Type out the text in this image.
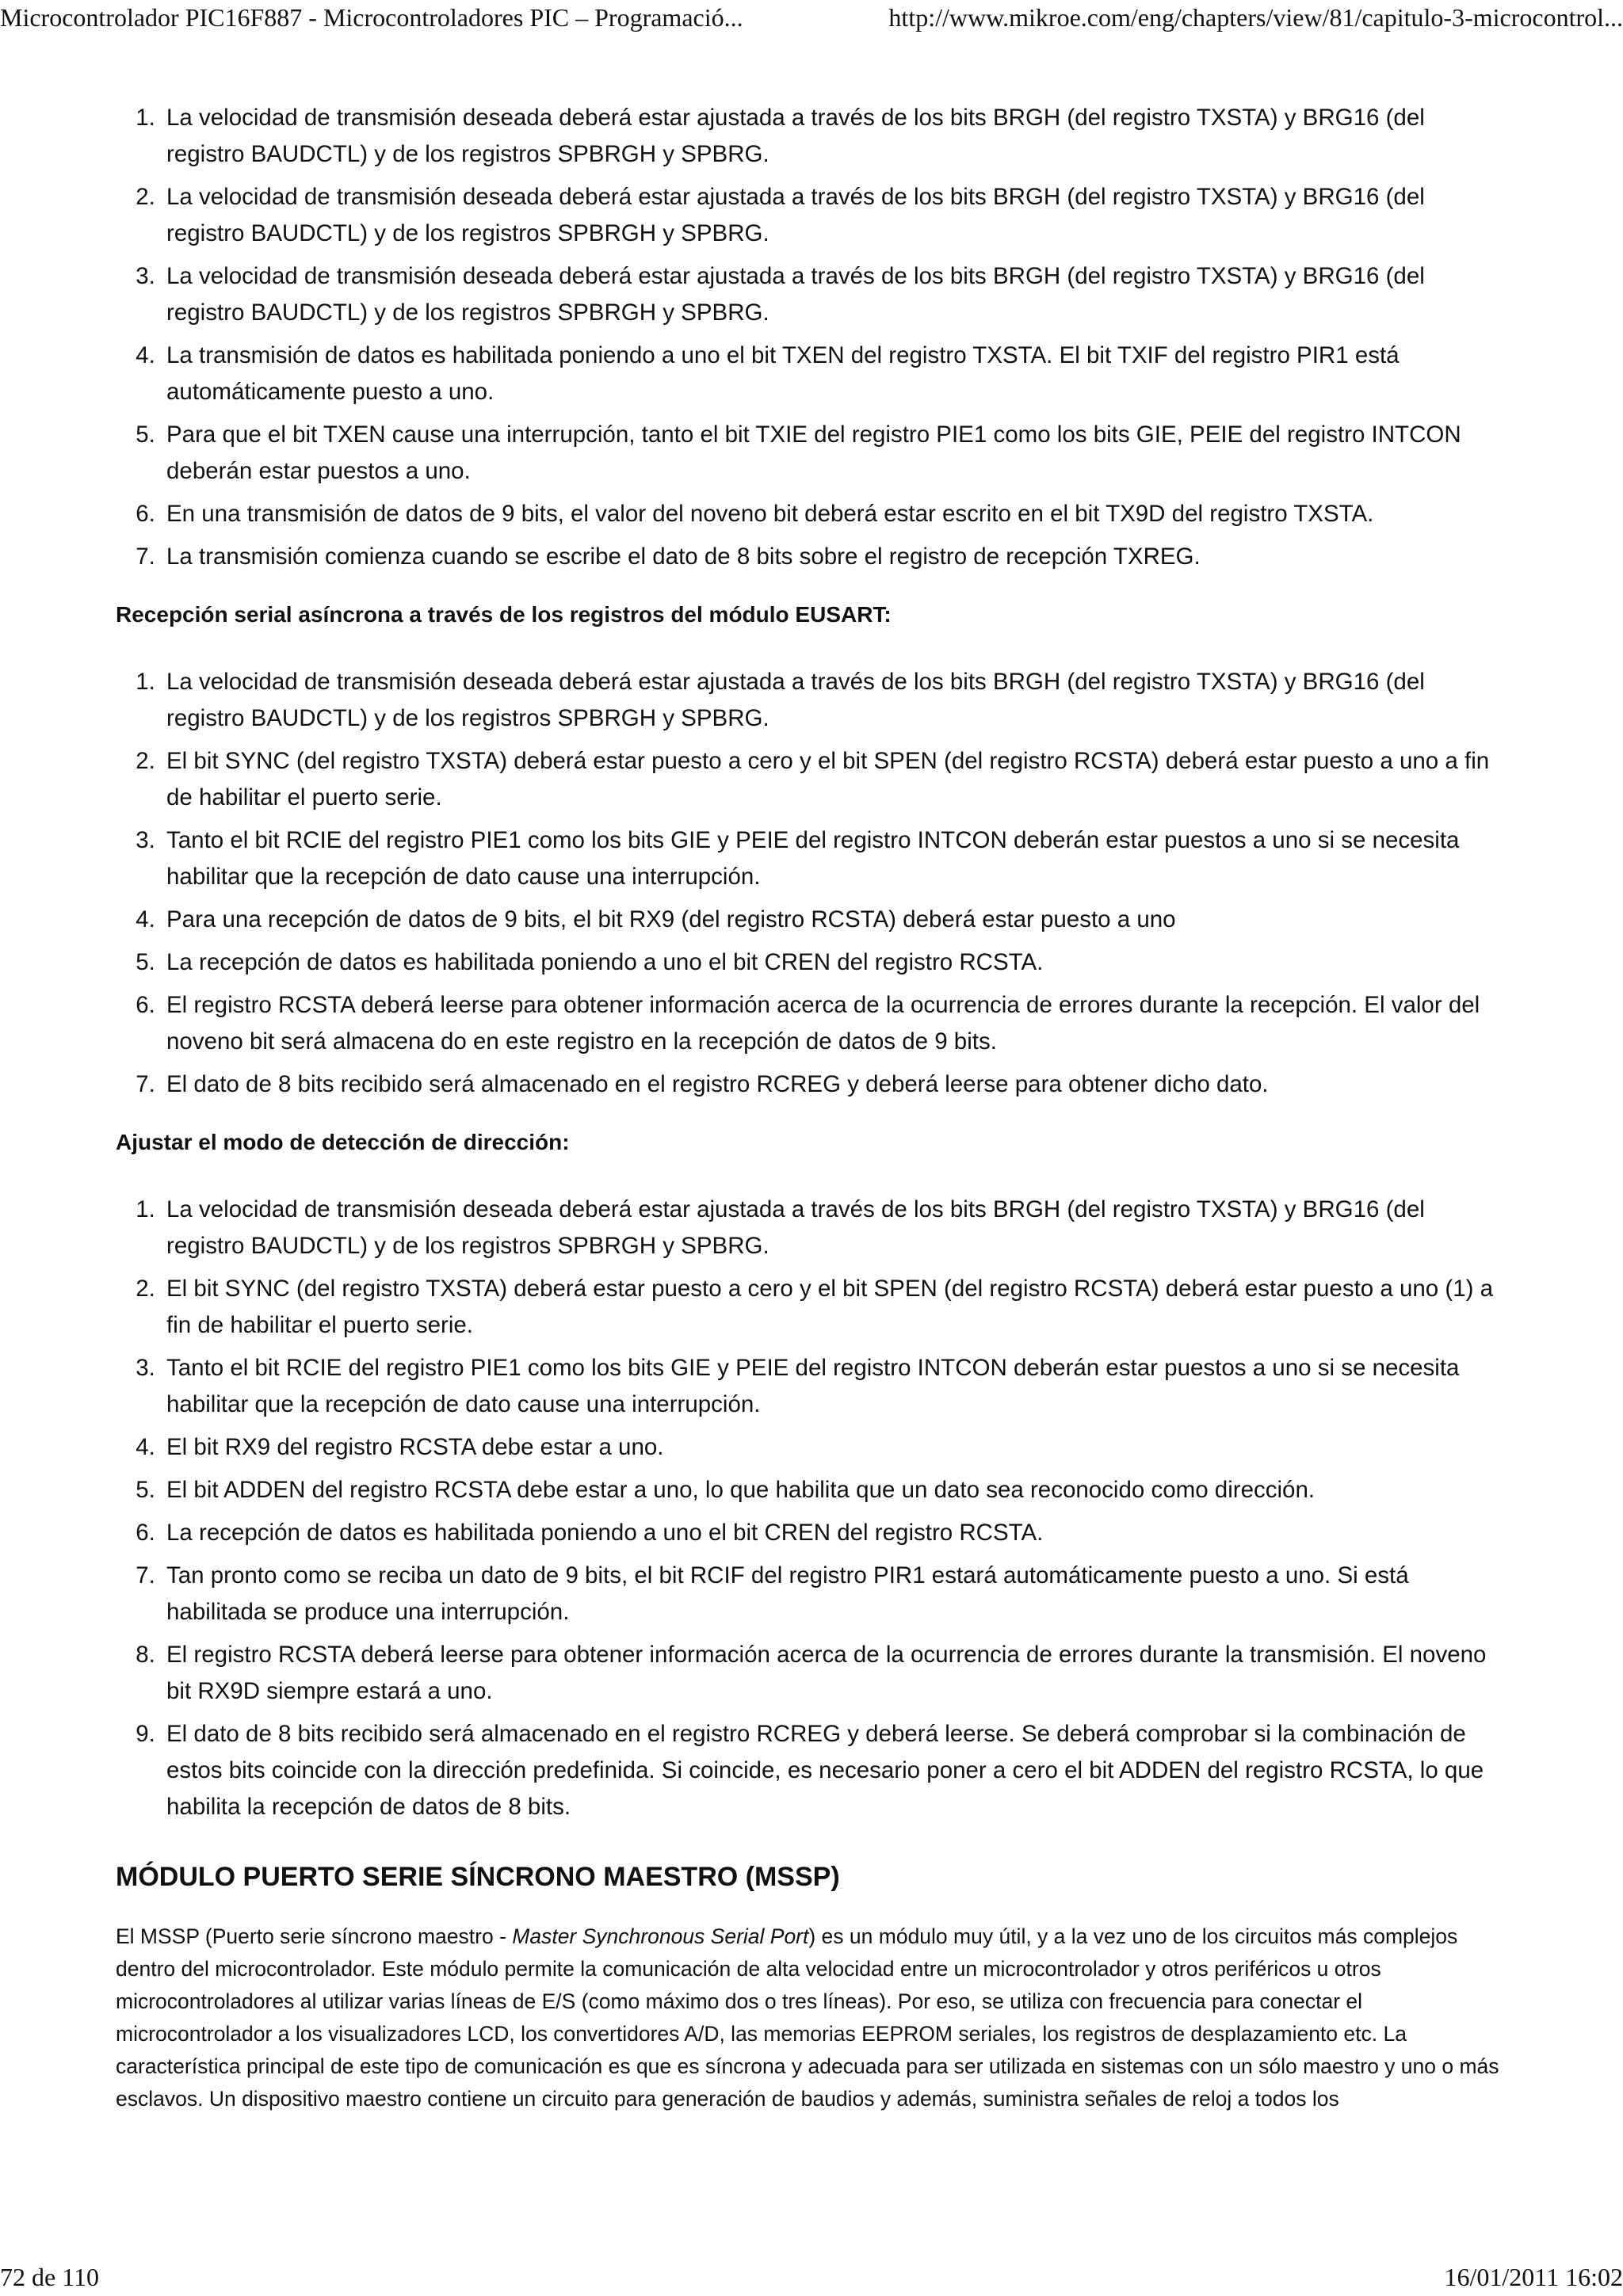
Microcontrolador PIC16F887 - Microcontroladores PIC – Programació...	http://www.mikroe.com/eng/chapters/view/81/capitulo-3-microcontrol...
1. La velocidad de transmisión deseada deberá estar ajustada a través de los bits BRGH (del registro TXSTA) y BRG16 (del registro BAUDCTL) y de los registros SPBRGH y SPBRG.
2. La velocidad de transmisión deseada deberá estar ajustada a través de los bits BRGH (del registro TXSTA) y BRG16 (del registro BAUDCTL) y de los registros SPBRGH y SPBRG.
3. La velocidad de transmisión deseada deberá estar ajustada a través de los bits BRGH (del registro TXSTA) y BRG16 (del registro BAUDCTL) y de los registros SPBRGH y SPBRG.
4. La transmisión de datos es habilitada poniendo a uno el bit TXEN del registro TXSTA. El bit TXIF del registro PIR1 está automáticamente puesto a uno.
5. Para que el bit TXEN cause una interrupción, tanto el bit TXIE del registro PIE1 como los bits GIE, PEIE del registro INTCON deberán estar puestos a uno.
6. En una transmisión de datos de 9 bits, el valor del noveno bit deberá estar escrito en el bit TX9D del registro TXSTA.
7. La transmisión comienza cuando se escribe el dato de 8 bits sobre el registro de recepción TXREG.
Recepción serial asíncrona a través de los registros del módulo EUSART:
1. La velocidad de transmisión deseada deberá estar ajustada a través de los bits BRGH (del registro TXSTA) y BRG16 (del registro BAUDCTL) y de los registros SPBRGH y SPBRG.
2. El bit SYNC (del registro TXSTA) deberá estar puesto a cero y el bit SPEN (del registro RCSTA) deberá estar puesto a uno a fin de habilitar el puerto serie.
3. Tanto el bit RCIE del registro PIE1 como los bits GIE y PEIE del registro INTCON deberán estar puestos a uno si se necesita habilitar que la recepción de dato cause una interrupción.
4. Para una recepción de datos de 9 bits, el bit RX9 (del registro RCSTA) deberá estar puesto a uno
5. La recepción de datos es habilitada poniendo a uno el bit CREN del registro RCSTA.
6. El registro RCSTA deberá leerse para obtener información acerca de la ocurrencia de errores durante la recepción. El valor del noveno bit será almacena do en este registro en la recepción de datos de 9 bits.
7. El dato de 8 bits recibido será almacenado en el registro RCREG y deberá leerse para obtener dicho dato.
Ajustar el modo de detección de dirección:
1. La velocidad de transmisión deseada deberá estar ajustada a través de los bits BRGH (del registro TXSTA) y BRG16 (del registro BAUDCTL) y de los registros SPBRGH y SPBRG.
2. El bit SYNC (del registro TXSTA) deberá estar puesto a cero y el bit SPEN (del registro RCSTA) deberá estar puesto a uno (1) a fin de habilitar el puerto serie.
3. Tanto el bit RCIE del registro PIE1 como los bits GIE y PEIE del registro INTCON deberán estar puestos a uno si se necesita habilitar que la recepción de dato cause una interrupción.
4. El bit RX9 del registro RCSTA debe estar a uno.
5. El bit ADDEN del registro RCSTA debe estar a uno, lo que habilita que un dato sea reconocido como dirección.
6. La recepción de datos es habilitada poniendo a uno el bit CREN del registro RCSTA.
7. Tan pronto como se reciba un dato de 9 bits, el bit RCIF del registro PIR1 estará automáticamente puesto a uno. Si está habilitada se produce una interrupción.
8. El registro RCSTA deberá leerse para obtener información acerca de la ocurrencia de errores durante la transmisión. El noveno bit RX9D siempre estará a uno.
9. El dato de 8 bits recibido será almacenado en el registro RCREG y deberá leerse. Se deberá comprobar si la combinación de estos bits coincide con la dirección predefinida. Si coincide, es necesario poner a cero el bit ADDEN del registro RCSTA, lo que habilita la recepción de datos de 8 bits.
MÓDULO PUERTO SERIE SÍNCRONO MAESTRO (MSSP)

El MSSP (Puerto serie síncrono maestro - Master Synchronous Serial Port) es un módulo muy útil, y a la vez uno de los circuitos más complejos dentro del microcontrolador. Este módulo permite la comunicación de alta velocidad entre un microcontrolador y otros periféricos u otros microcontroladores al utilizar varias líneas de E/S (como máximo dos o tres líneas). Por eso, se utiliza con frecuencia para conectar el microcontrolador a los visualizadores LCD, los convertidores A/D, las memorias EEPROM seriales, los registros de desplazamiento etc. La característica principal de este tipo de comunicación es que es síncrona y adecuada para ser utilizada en sistemas con un sólo maestro y uno o más esclavos. Un dispositivo maestro contiene un circuito para generación de baudios y además, suministra señales de reloj a todos los

72 de 110	16/01/2011 16:02
